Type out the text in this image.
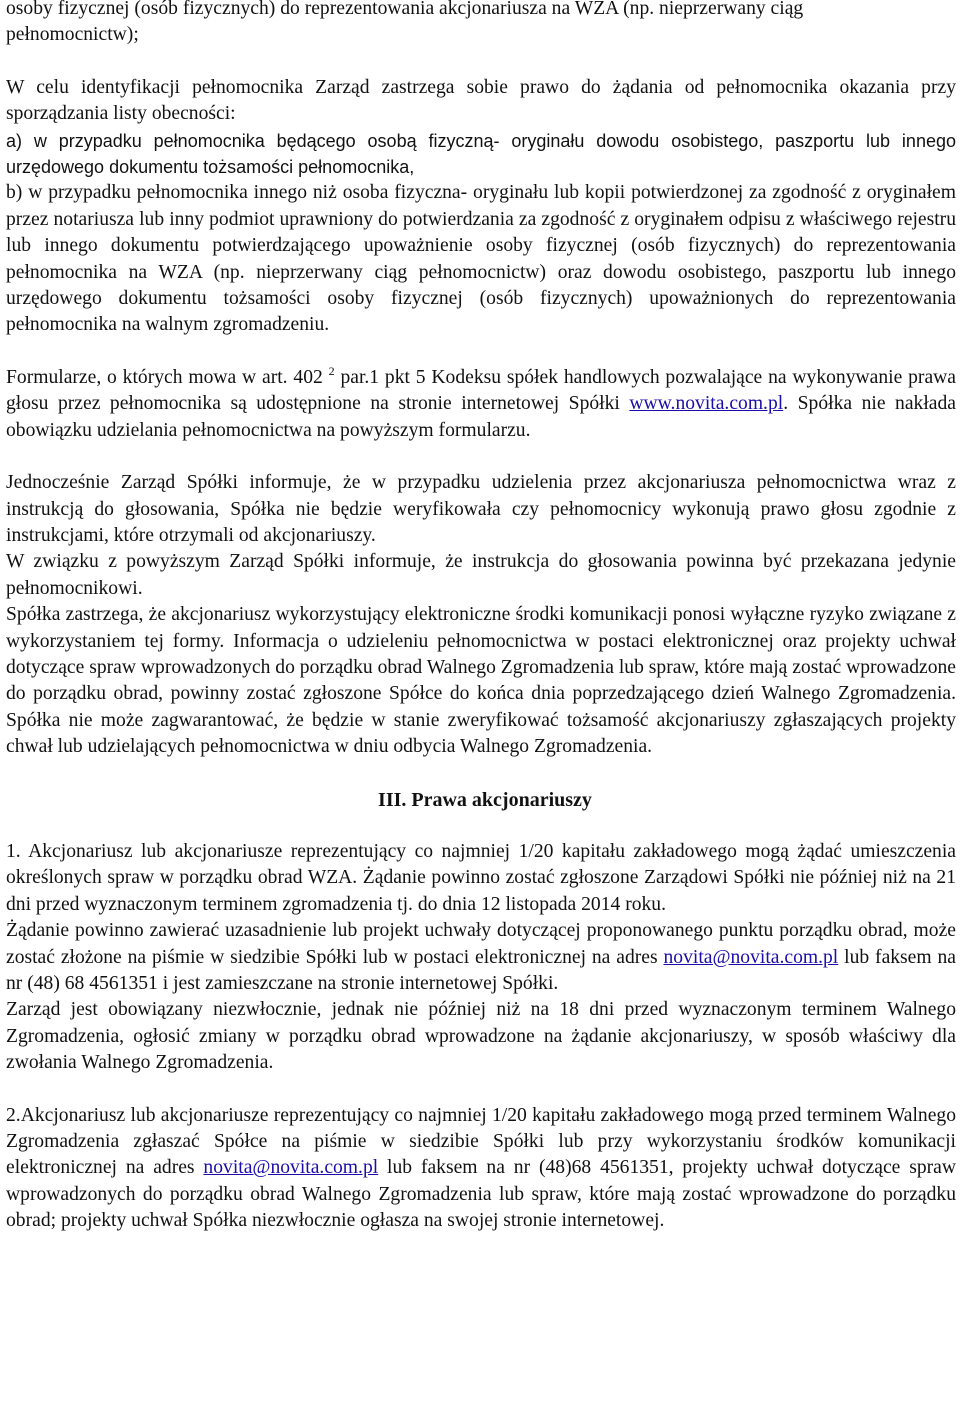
osoby fizycznej (osób fizycznych) do reprezentowania akcjonariusza na WZA (np. nieprzerwany ciąg

pełnomocnictw);

W celu identyfikacji pełnomocnika Zarząd zastrzega sobie prawo do żądania od pełnomocnika okazania przy sporządzania listy obecności:

a) w przypadku pełnomocnika będącego osobą fizyczną- oryginału dowodu osobistego, paszportu lub innego urzędowego dokumentu tożsamości pełnomocnika,

b) w przypadku pełnomocnika innego niż osoba fizyczna- oryginału lub kopii potwierdzonej za zgodność z oryginałem przez notariusza lub inny podmiot uprawniony do potwierdzania za zgodność z oryginałem odpisu z właściwego rejestru lub innego dokumentu potwierdzającego upoważnienie osoby fizycznej (osób fizycznych) do reprezentowania pełnomocnika na WZA (np. nieprzerwany ciąg pełnomocnictw) oraz dowodu osobistego, paszportu lub innego urzędowego dokumentu tożsamości osoby fizycznej (osób fizycznych) upoważnionych do reprezentowania pełnomocnika na walnym zgromadzeniu.

Formularze, o których mowa w art. 402 $^2$ par.1 pkt 5 Kodeksu spółek handlowych pozwalające na wykonywanie prawa głosu przez pełnomocnika są udostępnione na stronie internetowej Spółki www.novita.com.pl. Spółka nie nakłada obowiązku udzielania pełnomocnictwa na powyższym formularzu.

Jednocześnie Zarząd Spółki informuje, że w przypadku udzielenia przez akcjonariusza pełnomocnictwa wraz z instrukcją do głosowania, Spółka nie będzie weryfikowała czy pełnomocnicy wykonują prawo głosu zgodnie z instrukcjami, które otrzymali od akcjonariuszy.

W związku z powyższym Zarząd Spółki informuje, że instrukcja do głosowania powinna być przekazana jedynie pełnomocnikowi.

Spółka zastrzega, że akcjonariusz wykorzystujący elektroniczne środki komunikacji ponosi wyłączne ryzyko związane z wykorzystaniem tej formy. Informacja o udzieleniu pełnomocnictwa w postaci elektronicznej oraz projekty uchwał dotyczące spraw wprowadzonych do porządku obrad Walnego Zgromadzenia lub spraw, które mają zostać wprowadzone do porządku obrad, powinny zostać zgłoszone Spółce do końca dnia poprzedzającego dzień Walnego Zgromadzenia. Spółka nie może zagwarantować, że będzie w stanie zweryfikować tożsamość akcjonariuszy zgłaszających projekty chwał lub udzielających pełnomocnictwa w dniu odbycia Walnego Zgromadzenia.

III. Prawa akcjonariuszy

1. Akcjonariusz lub akcjonariusze reprezentujący co najmniej 1/20 kapitału zakładowego mogą żądać umieszczenia określonych spraw w porządku obrad WZA. Żądanie powinno zostać zgłoszone Zarządowi Spółki nie później niż na 21 dni przed wyznaczonym terminem zgromadzenia tj. do dnia 12 listopada 2014 roku.

Żądanie powinno zawierać uzasadnienie lub projekt uchwały dotyczącej proponowanego punktu porządku obrad, może zostać złożone na piśmie w siedzibie Spółki lub w postaci elektronicznej na adres novita@novita.com.pl lub faksem na nr (48) 68 4561351 i jest zamieszczane na stronie internetowej Spółki.

Zarząd jest obowiązany niezwłocznie, jednak nie później niż na 18 dni przed wyznaczonym terminem Walnego Zgromadzenia, ogłosić zmiany w porządku obrad wprowadzone na żądanie akcjonariuszy, w sposób właściwy dla zwołania Walnego Zgromadzenia.

2.Akcjonariusz lub akcjonariusze reprezentujący co najmniej 1/20 kapitału zakładowego mogą przed terminem Walnego Zgromadzenia zgłaszać Spółce na piśmie w siedzibie Spółki lub przy wykorzystaniu środków komunikacji elektronicznej na adres novita@novita.com.pl lub faksem na nr (48)68 4561351, projekty uchwał dotyczące spraw wprowadzonych do porządku obrad Walnego Zgromadzenia lub spraw, które mają zostać wprowadzone do porządku obrad; projekty uchwał Spółka niezwłocznie ogłasza na swojej stronie internetowej.
